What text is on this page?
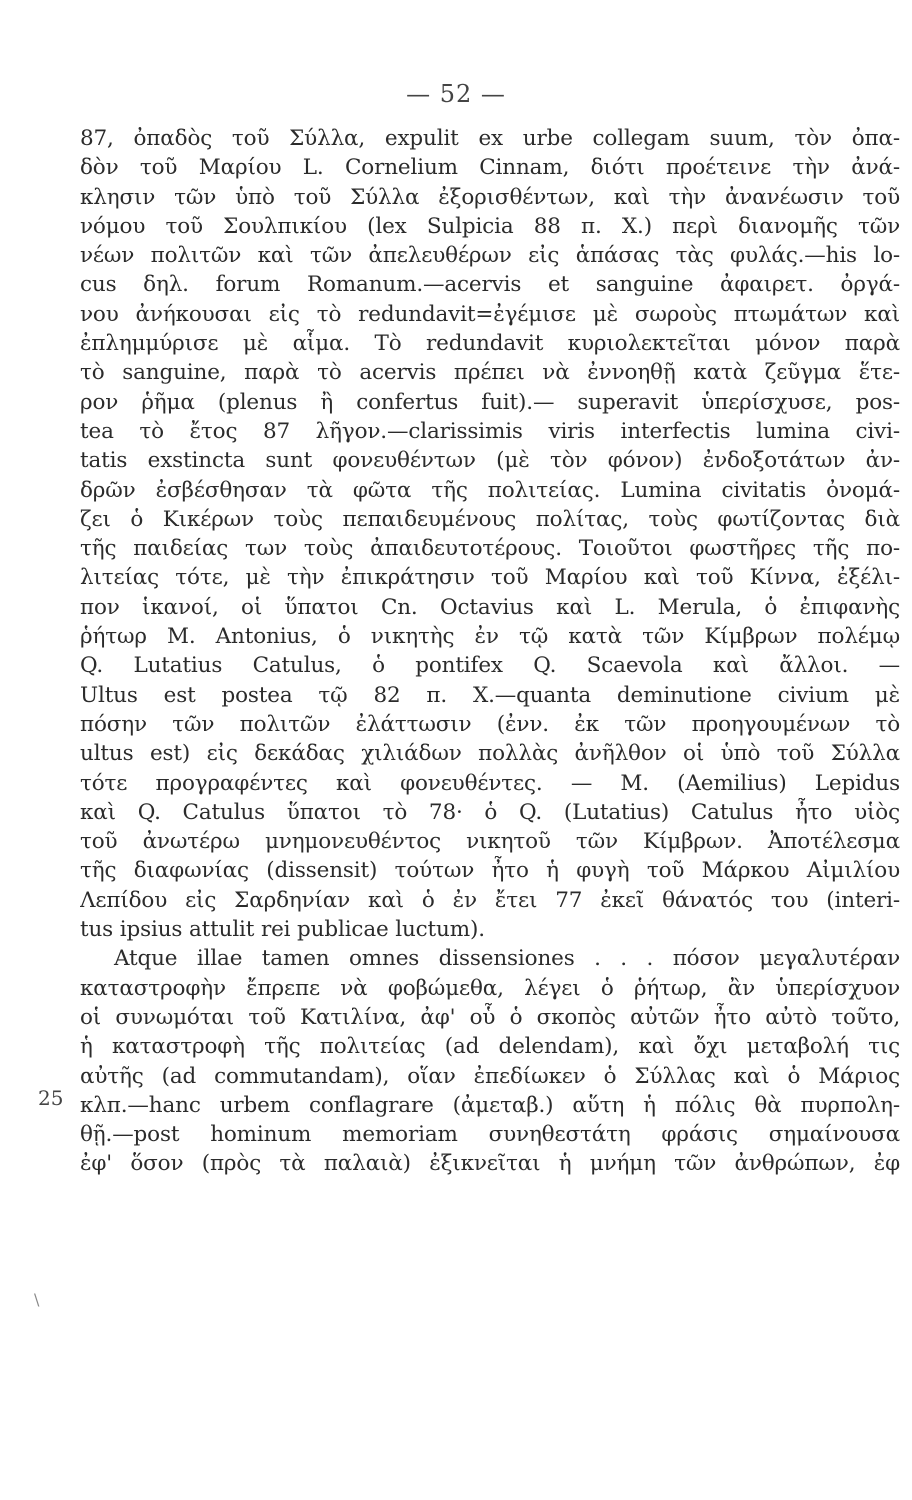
— 52 —
25
\
87, ὀπαδὸς τοῦ Σύλλα, expulit ex urbe collegam suum, τὸν ὀπα-
δὸν τοῦ Μαρίου L. Cornelium Cinnam, διότι προέτεινε τὴν ἀνά-
κλησιν τῶν ὑπὸ τοῦ Σύλλα ἐξορισθέντων, καὶ τὴν ἀνανέωσιν τοῦ
νόμου τοῦ Σουλπικίου (lex Sulpicia 88 π. Χ.) περὶ διανομῆς τῶν
νέων πολιτῶν καὶ τῶν ἀπελευθέρων εἰς ἁπάσας τὰς φυλάς.—his lo-
cus δηλ. forum Romanum.—acervis et sanguine ἀφαιρετ. ὀργά-
νου ἀνήκουσαι εἰς τὸ redundavit=ἐγέμισε μὲ σωροὺς πτωμάτων καὶ
ἐπλημμύρισε μὲ αἷμα. Τὸ redundavit κυριολεκτεῖται μόνον παρὰ
τὸ sanguine, παρὰ τὸ acervis πρέπει νὰ ἐννοηθῇ κατὰ ζεῦγμα ἕτε-
ρον ῥῆμα (plenus ἢ confertus fuit).— superavit ὑπερίσχυσε, pos-
tea τὸ ἔτος 87 λῆγον.—clarissimis viris interfectis lumina civi-
tatis exstincta sunt φονευθέντων (μὲ τὸν φόνον) ἐνδοξοτάτων ἀν-
δρῶν ἐσβέσθησαν τὰ φῶτα τῆς πολιτείας. Lumina civitatis ὀνομά-
ζει ὁ Κικέρων τοὺς πεπαιδευμένους πολίτας, τοὺς φωτίζοντας διὰ
τῆς παιδείας των τοὺς ἀπαιδευτοτέρους. Τοιοῦτοι φωστῆρες τῆς πο-
λιτείας τότε, μὲ τὴν ἐπικράτησιν τοῦ Μαρίου καὶ τοῦ Κίννα, ἐξέλι-
πον ἱκανοί, οἱ ὕπατοι Cn. Octavius καὶ L. Merula, ὁ ἐπιφανὴς
ῥήτωρ M. Antonius, ὁ νικητὴς ἐν τῷ κατὰ τῶν Κίμβρων πολέμῳ
Q. Lutatius Catulus, ὁ pontifex Q. Scaevola καὶ ἄλλοι. —
Ultus est postea τῷ 82 π. Χ.—quanta deminutione civium μὲ
πόσην τῶν πολιτῶν ἐλάττωσιν (ἐνν. ἐκ τῶν προηγουμένων τὸ
ultus est) εἰς δεκάδας χιλιάδων πολλὰς ἀνῆλθον οἱ ὑπὸ τοῦ Σύλλα
τότε προγραφέντες καὶ φονευθέντες. — M. (Aemilius) Lepidus
καὶ Q. Catulus ὕπατοι τὸ 78· ὁ Q. (Lutatius) Catulus ἦτο υἱὸς
τοῦ ἀνωτέρω μνημονευθέντος νικητοῦ τῶν Κίμβρων. Ἀποτέλεσμα
τῆς διαφωνίας (dissensit) τούτων ἦτο ἡ φυγὴ τοῦ Μάρκου Αἰμιλίου
Λεπίδου εἰς Σαρδηνίαν καὶ ὁ ἐν ἔτει 77 ἐκεῖ θάνατός του (interi-
tus ipsius attulit rei publicae luctum).
Atque illae tamen omnes dissensiones . . . πόσον μεγαλυτέραν
καταστροφὴν ἔπρεπε νὰ φοβώμεθα, λέγει ὁ ῥήτωρ, ἂν ὑπερίσχυον
οἱ συνωμόται τοῦ Κατιλίνα, ἀφ' οὗ ὁ σκοπὸς αὐτῶν ἦτο αὐτὸ τοῦτο,
ἡ καταστροφὴ τῆς πολιτείας (ad delendam), καὶ ὄχι μεταβολή τις
αὐτῆς (ad commutandam), οἵαν ἐπεδίωκεν ὁ Σύλλας καὶ ὁ Μάριος
κλπ.—hanc urbem conflagrare (ἀμεταβ.) αὕτη ἡ πόλις θὰ πυρπολη-
θῇ.—post hominum memoriam συνηθεστάτη φράσις σημαίνουσα
ἐφ' ὅσον (πρὸς τὰ παλαιὰ) ἐξικνεῖται ἡ μνήμη τῶν ἀνθρώπων, ἐφ
